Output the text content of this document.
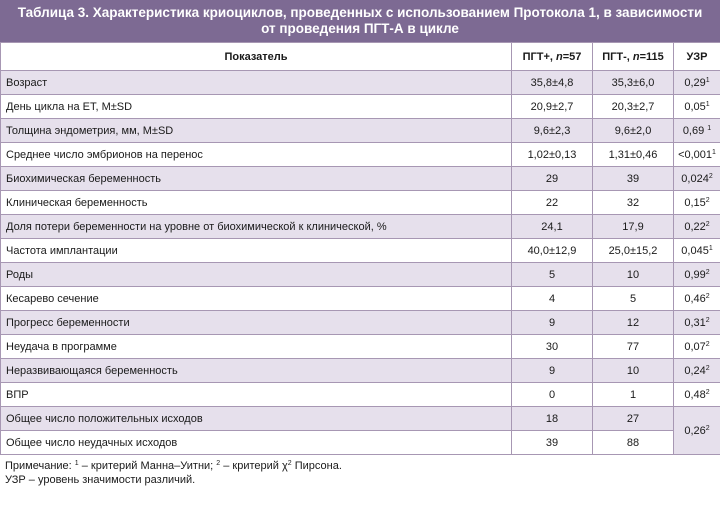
Таблица 3. Характеристика криоциклов, проведенных с использованием Протокола 1, в зависимости
от проведения ПГТ-А в цикле
Показатель	ПГТ+, n=57	ПГТ-, n=115	УЗР
Возраст	35,8±4,8	35,3±6,0	0,29$^1$
День цикла на ЕТ, M±SD	20,9±2,7	20,3±2,7	0,05$^1$
Толщина эндометрия, мм, M±SD	9,6±2,3	9,6±2,0	0,69 $^1$
Среднее число эмбрионов на перенос	1,02±0,13	1,31±0,46	$<0,001^1$
Биохимическая беременность	29	39	0,024$^2$
Клиническая беременность	22	32	0,15$^2$
Доля потери беременности на уровне от биохимической к клинической, %	24,1	17,9	0,22$^2$
Частота имплантации	40,0±12,9	25,0±15,2	0,045$^1$
Роды	5	10	0,99$^2$
Кесарево сечение	4	5	0,46$^2$
Прогресс беременности	9	12	0,31$^2$
Неудача в программе	30	77	0,07$^2$
Неразвивающаяся беременность	9	10	0,24$^2$
ВПР	0	1	0,48$^2$
Общее число положительных исходов	18	27	0,26$^2$
Общее число неудачных исходов	39	88	
Примечание: $^1$ – критерий Манна–Уитни; $^2$ – критерий $\chi^2$ Пирсона.
УЗР – уровень значимости различий.
